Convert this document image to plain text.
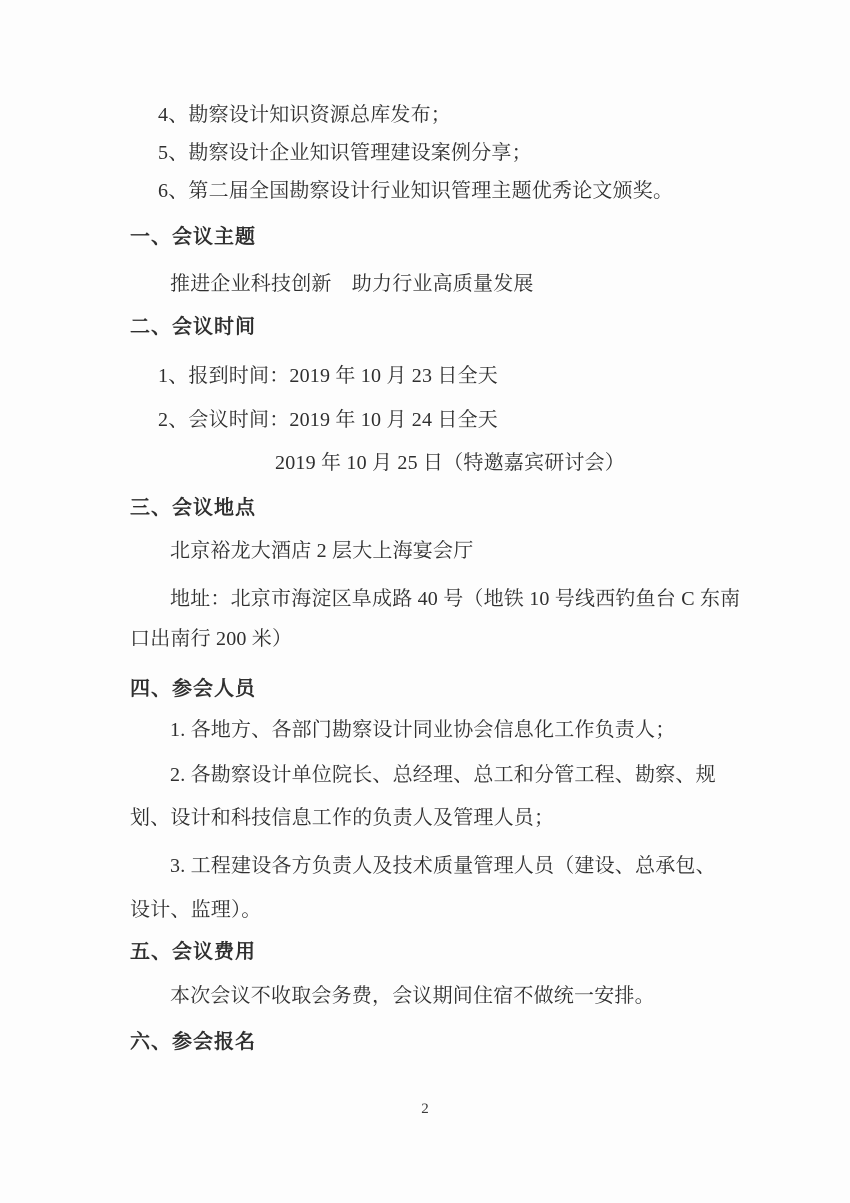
4、勘察设计知识资源总库发布；
5、勘察设计企业知识管理建设案例分享；
6、第二届全国勘察设计行业知识管理主题优秀论文颁奖。
一、会议主题
推进企业科技创新　助力行业高质量发展
二、会议时间
1、报到时间：2019 年 10 月 23 日全天
2、会议时间：2019 年 10 月 24 日全天
2019 年 10 月 25 日（特邀嘉宾研讨会）
三、会议地点
北京裕龙大酒店 2 层大上海宴会厅
地址：北京市海淀区阜成路 40 号（地铁 10 号线西钓鱼台 C 东南
口出南行 200 米）
四、参会人员
1. 各地方、各部门勘察设计同业协会信息化工作负责人；
2. 各勘察设计单位院长、总经理、总工和分管工程、勘察、规
划、设计和科技信息工作的负责人及管理人员；
3. 工程建设各方负责人及技术质量管理人员（建设、总承包、
设计、监理）。
五、会议费用
本次会议不收取会务费，会议期间住宿不做统一安排。
六、参会报名
2
